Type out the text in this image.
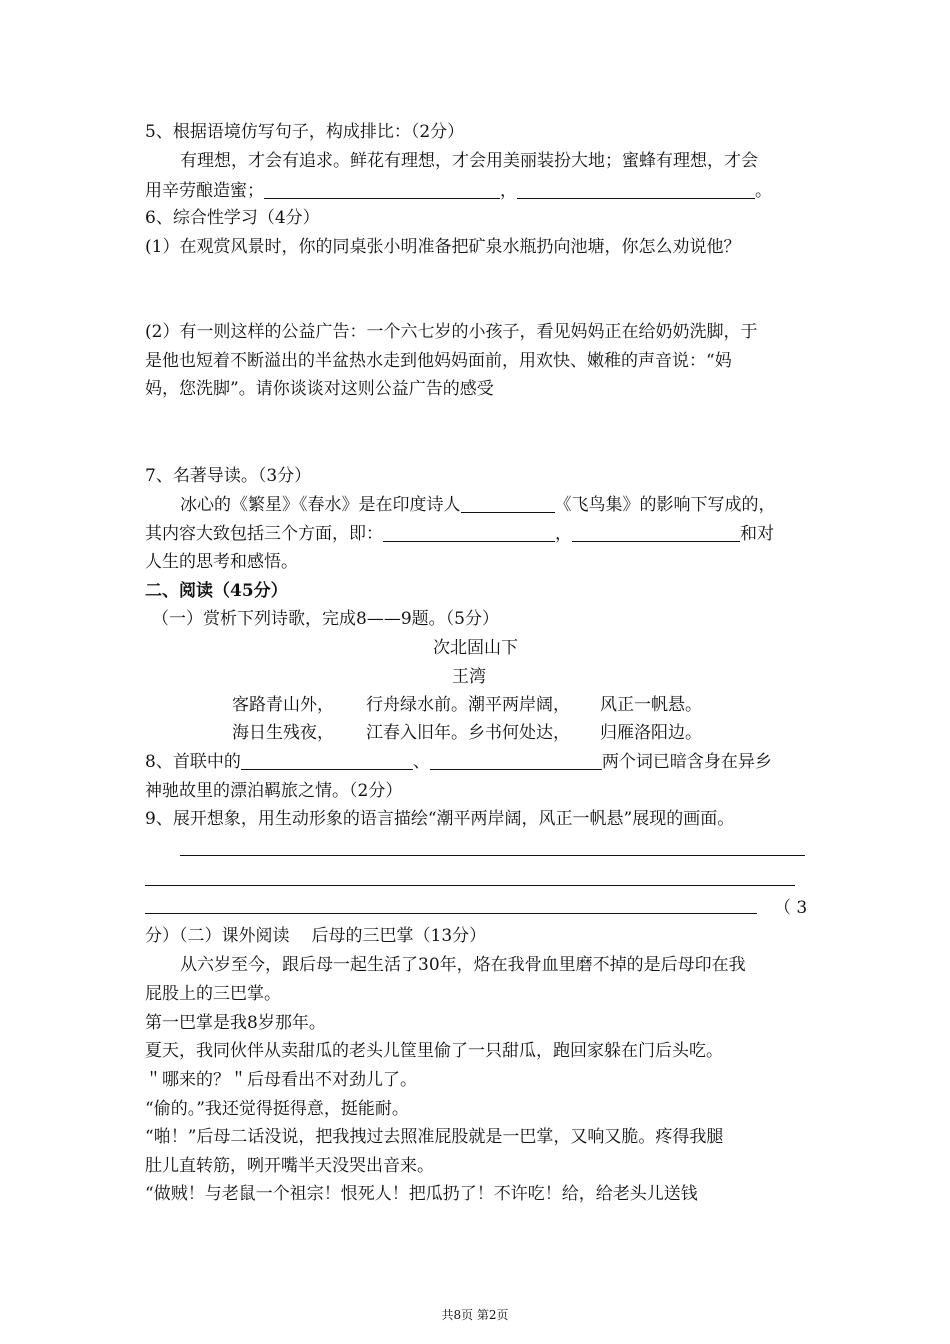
5、根据语境仿写句子，构成排比：（2分）
有理想，才会有追求。鲜花有理想，才会用美丽装扮大地；蜜蜂有理想，才会
用辛劳酿造蜜；	，	。
6、综合性学习（4分）
(1）在观赏风景时，你的同桌张小明准备把矿泉水瓶扔向池塘，你怎么劝说他？
(2）有一则这样的公益广告：一个六七岁的小孩子，看见妈妈正在给奶奶洗脚，于
是他也短着不断溢出的半盆热水走到他妈妈面前，用欢快、嫩稚的声音说：“妈
妈，您洗脚”。请你谈谈对这则公益广告的感受
7、名著导读。（3分）
冰心的《繁星》《春水》是在印度诗人	《飞鸟集》的影响下写成的，
其内容大致包括三个方面，即：	，	和对
人生的思考和感悟。
二、阅读（45分）
（一）赏析下列诗歌，完成8——9题。（5分）
次北固山下
王湾
客路青山外， 行舟绿水前。潮平两岸阔， 风正一帆悬。
海日生残夜， 江春入旧年。乡书何处达， 归雁洛阳边。
8、首联中的	、	两个词已暗含身在异乡
神驰故里的漂泊羁旅之情。（2分）
9、展开想象，用生动形象的语言描绘“潮平两岸阔，风正一帆悬”展现的画面。
（ 3
分）（二）课外阅读 后母的三巴掌（13分）
从六岁至今，跟后母一起生活了30年，烙在我骨血里磨不掉的是后母印在我
屁股上的三巴掌。
第一巴掌是我8岁那年。
夏天，我同伙伴从卖甜瓜的老头儿筐里偷了一只甜瓜，跑回家躲在门后头吃。
＂哪来的？＂后母看出不对劲儿了。
“偷的。”我还觉得挺得意，挺能耐。
“啪！”后母二话没说，把我拽过去照准屁股就是一巴掌，又响又脆。疼得我腿
肚儿直转筋，咧开嘴半天没哭出音来。
“做贼！与老鼠一个祖宗！恨死人！把瓜扔了！不许吃！给，给老头儿送钱
共8页 第2页
